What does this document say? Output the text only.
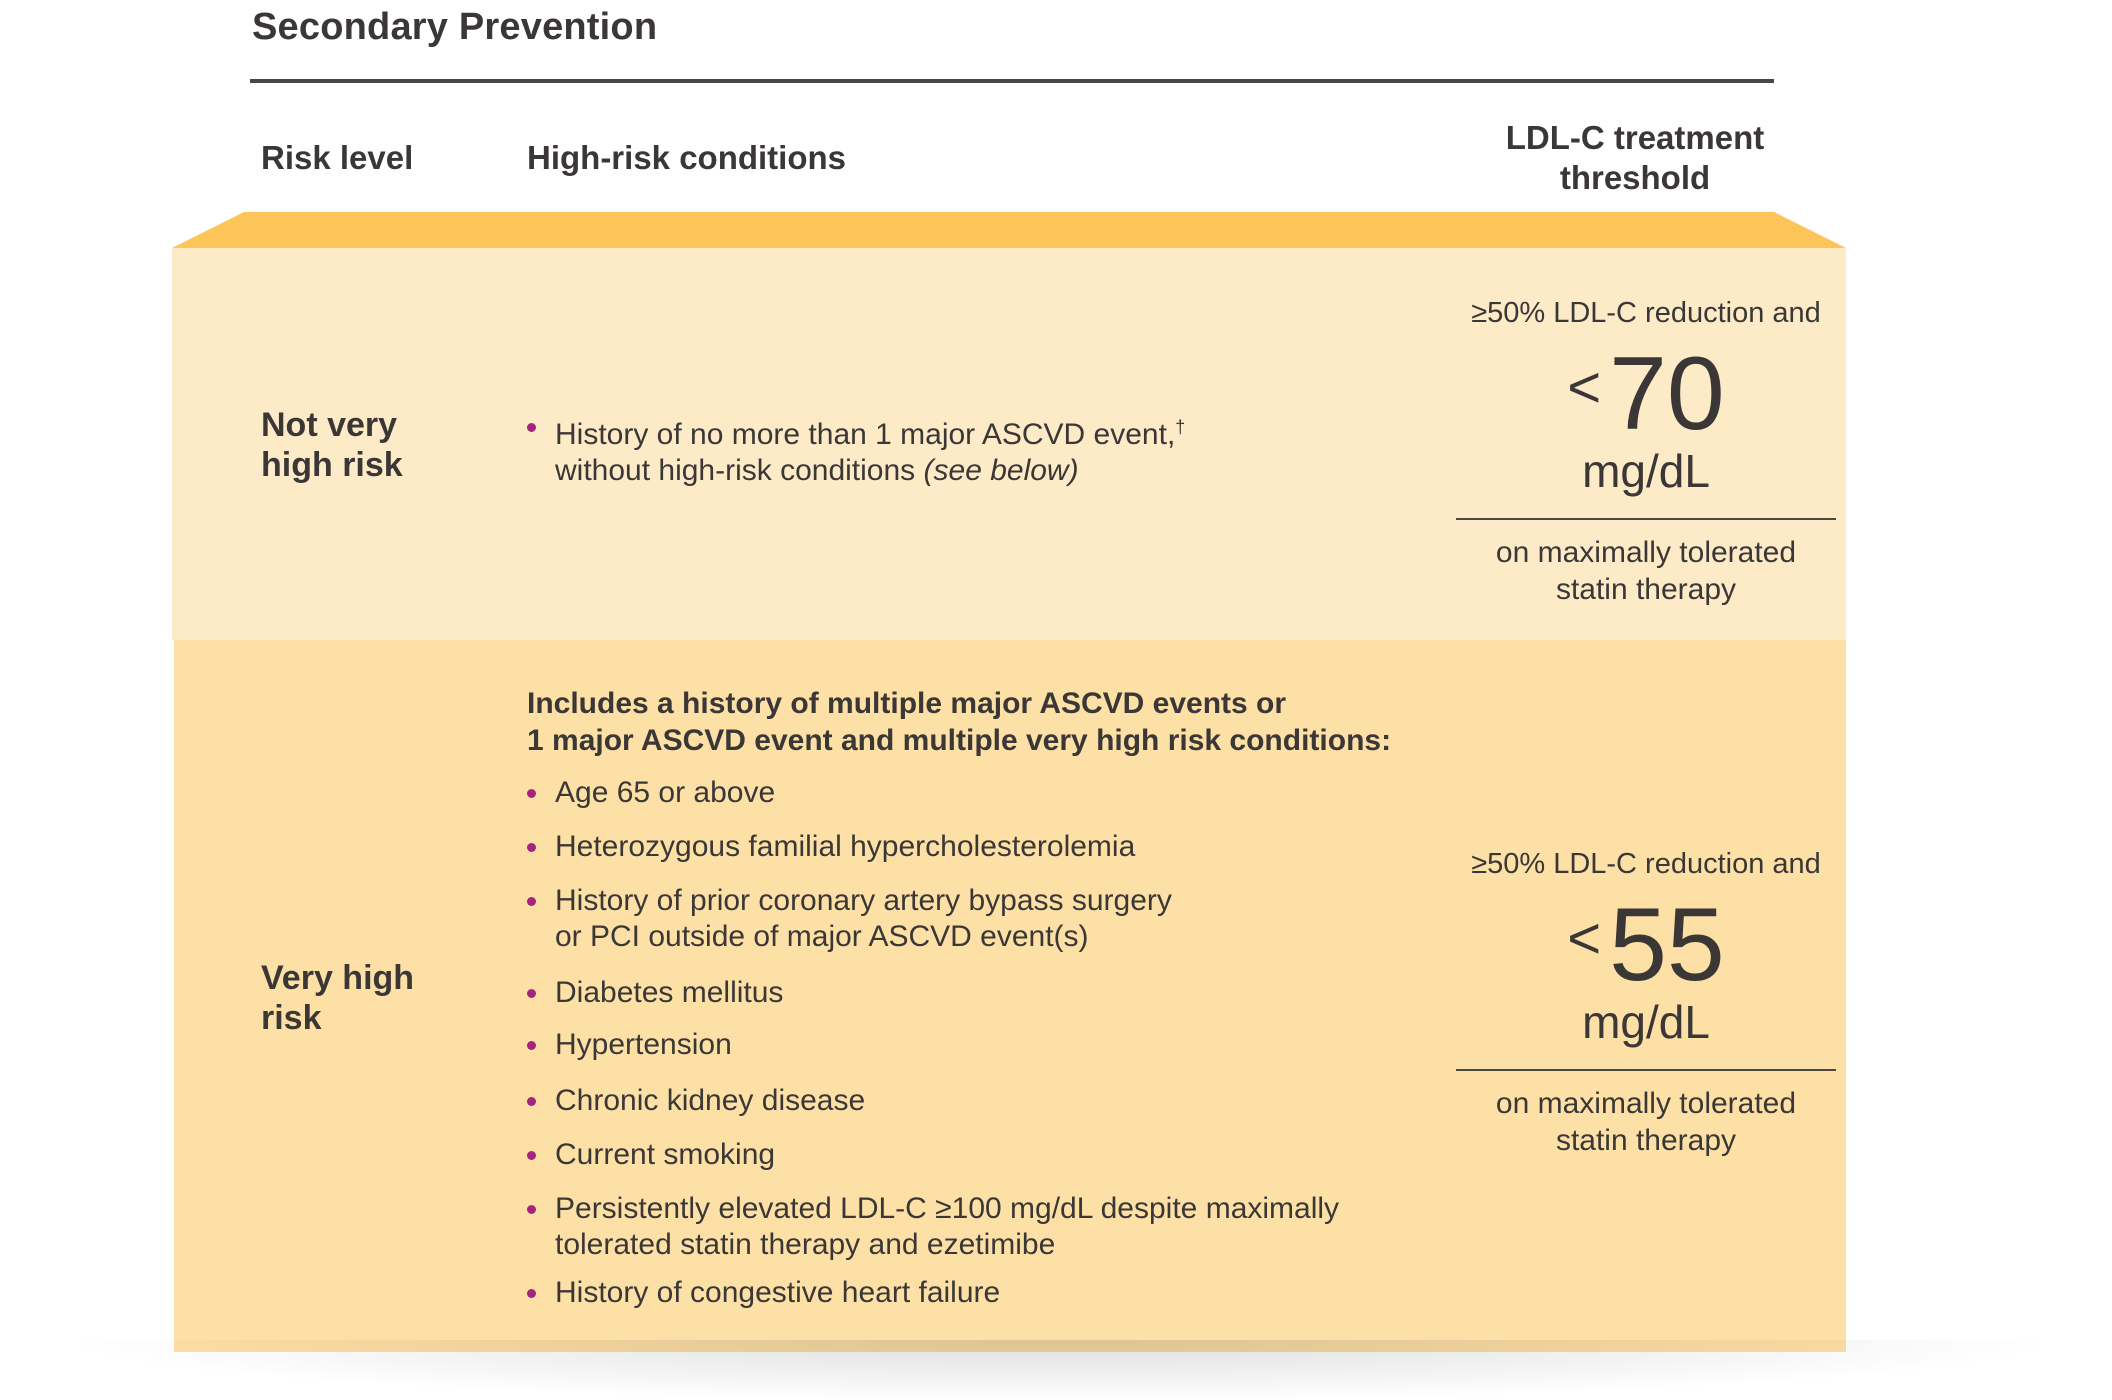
Secondary Prevention
Risk level	High-risk conditions
LDL-C treatment
threshold
Not very
high risk
History of no more than 1 major ASCVD event,†
without high-risk conditions (see below)
≥50% LDL-C reduction and
<70
mg/dL
on maximally tolerated
statin therapy
Very high
risk
Includes a history of multiple major ASCVD events or
1 major ASCVD event and multiple very high risk conditions:
Age 65 or above
Heterozygous familial hypercholesterolemia
History of prior coronary artery bypass surgery
or PCI outside of major ASCVD event(s)
Diabetes mellitus
Hypertension
Chronic kidney disease
Current smoking
Persistently elevated LDL-C ≥100 mg/dL despite maximally
tolerated statin therapy and ezetimibe
History of congestive heart failure
≥50% LDL-C reduction and
<55
mg/dL
on maximally tolerated
statin therapy
